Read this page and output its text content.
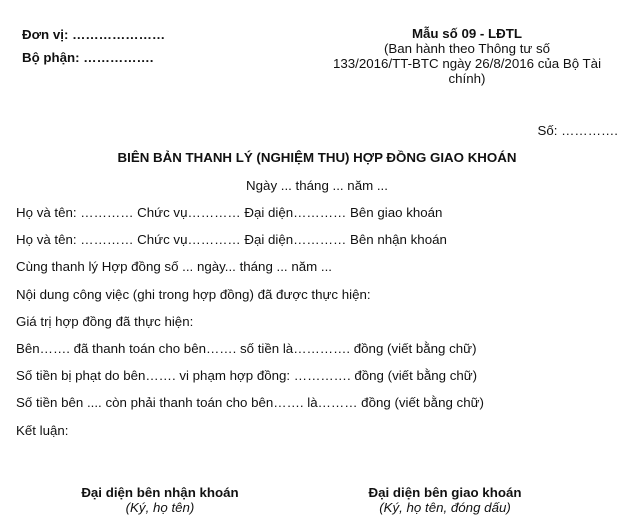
Đơn vị: …………………
Bộ phận: …………….
Mẫu số 09 - LĐTL
(Ban hành theo Thông tư số
133/2016/TT-BTC ngày 26/8/2016 của Bộ Tài
chính)
Số: ………….
BIÊN BẢN THANH LÝ (NGHIỆM THU) HỢP ĐỒNG GIAO KHOÁN
Ngày ... tháng ... năm ...
Họ và tên: ………… Chức vụ………… Đại diện………… Bên giao khoán
Họ và tên: ………… Chức vụ………… Đại diện………… Bên nhận khoán
Cùng thanh lý Hợp đồng số ... ngày... tháng ... năm ...
Nội dung công việc (ghi trong hợp đồng) đã được thực hiện:
Giá trị hợp đồng đã thực hiện:
Bên……. đã thanh toán cho bên……. số tiền là…………. đồng (viết bằng chữ)
Số tiền bị phạt do bên……. vi phạm hợp đồng: …………. đồng (viết bằng chữ)
Số tiền bên .... còn phải thanh toán cho bên……. là……… đồng (viết bằng chữ)
Kết luận:
Đại diện bên nhận khoán
(Ký, họ tên)
Đại diện bên giao khoán
(Ký, họ tên, đóng dấu)
